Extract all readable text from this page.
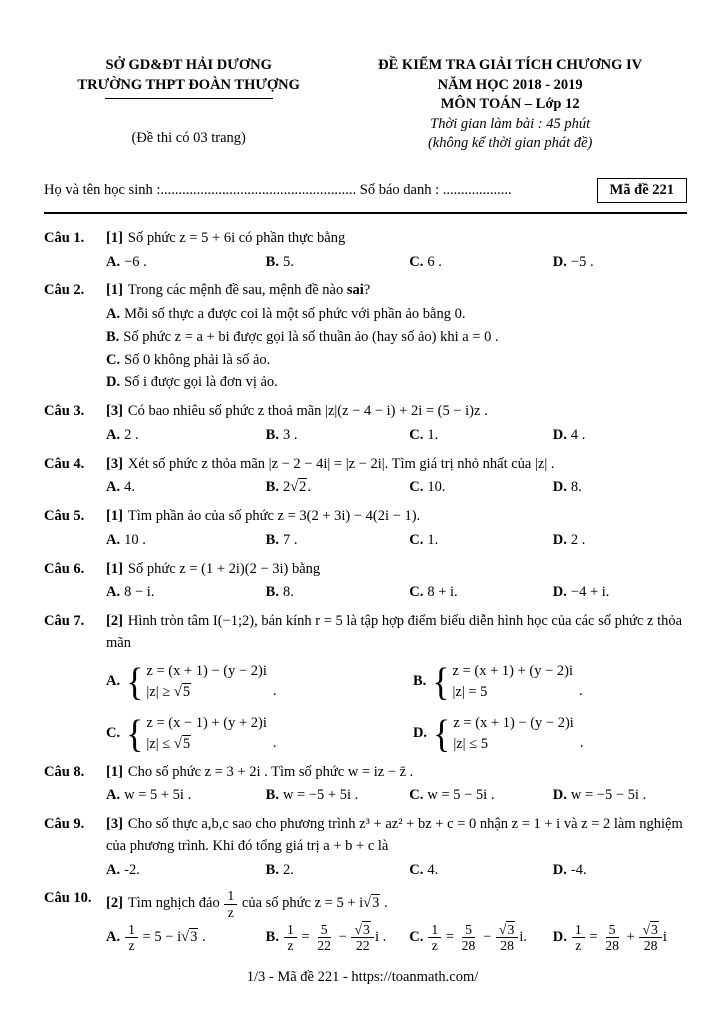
SỞ GD&ĐT HẢI DƯƠNG
TRƯỜNG THPT ĐOÀN THƯỢNG
(Đề thi có 03 trang)
ĐỀ KIỂM TRA GIẢI TÍCH CHƯƠNG IV
NĂM HỌC 2018 - 2019
MÔN TOÁN – Lớp 12
Thời gian làm bài : 45 phút
(không kể thời gian phát đề)
Họ và tên học sinh :...................................................... Số báo danh : ...................	Mã đề 221
Câu 1.	[1] Số phức z = 5 + 6i có phần thực bằng
A. −6 .	B. 5.	C. 6 .	D. −5 .
Câu 2.	[1] Trong các mệnh đề sau, mệnh đề nào sai?
A. Mỗi số thực a được coi là một số phức với phần ảo bằng 0.
B. Số phức z = a + bi được gọi là số thuần ảo (hay số ảo) khi a = 0 .
C. Số 0 không phải là số ảo.
D. Số i được gọi là đơn vị ảo.
Câu 3.	[3] Có bao nhiêu số phức z thoả mãn |z|(z − 4 − i) + 2i = (5 − i)z .
A. 2 .	B. 3 .	C. 1.	D. 4 .
Câu 4.	[3] Xét số phức z thỏa mãn |z − 2 − 4i| = |z − 2i|. Tìm giá trị nhỏ nhất của |z| .
A. 4.	B. 2√2.	C. 10.	D. 8.
Câu 5.	[1] Tìm phần ảo của số phức z = 3(2 + 3i) − 4(2i − 1).
A. 10 .	B. 7 .	C. 1.	D. 2 .
Câu 6.	[1] Số phức z = (1 + 2i)(2 − 3i) bằng
A. 8 − i.	B. 8.	C. 8 + i.	D. −4 + i.
Câu 7.	[2] Hình tròn tâm I(−1;2), bán kính r = 5 là tập hợp điểm biểu diễn hình học của các số phức z thỏa mãn
A. { z = (x + 1) − (y − 2)i
|z| ≥ √5	.
B. { z = (x + 1) + (y − 2)i
|z| = 5	.
C. { z = (x − 1) + (y + 2)i
|z| ≤ √5	.
D. { z = (x + 1) − (y − 2)i
|z| ≤ 5	.
Câu 8.	[1] Cho số phức z = 3 + 2i . Tìm số phức w = iz − z̄ .
A. w = 5 + 5i .	B. w = −5 + 5i .	C. w = 5 − 5i .	D. w = −5 − 5i .
Câu 9.	[3] Cho số thực a,b,c sao cho phương trình z³ + az² + bz + c = 0 nhận z = 1 + i và z = 2 làm nghiệm của phương trình. Khi đó tổng giá trị a + b + c là
A. -2.	B. 2.	C. 4.	D. -4.
Câu 10. [2] Tìm nghịch đảo $\frac{1}{z}$ của số phức z = 5 + i√3 .
A. $\frac{1}{z} = 5 - i√3$ .	B. $\frac{1}{z} = \frac{5}{22} - \frac{√3}{22}$ i .	C. $\frac{1}{z} = \frac{5}{28} - \frac{√3}{28} i$.	D. $\frac{1}{z} = \frac{5}{28} + \frac{√3}{28}$ i
1/3 - Mã đề 221 - https://toanmath.com/
